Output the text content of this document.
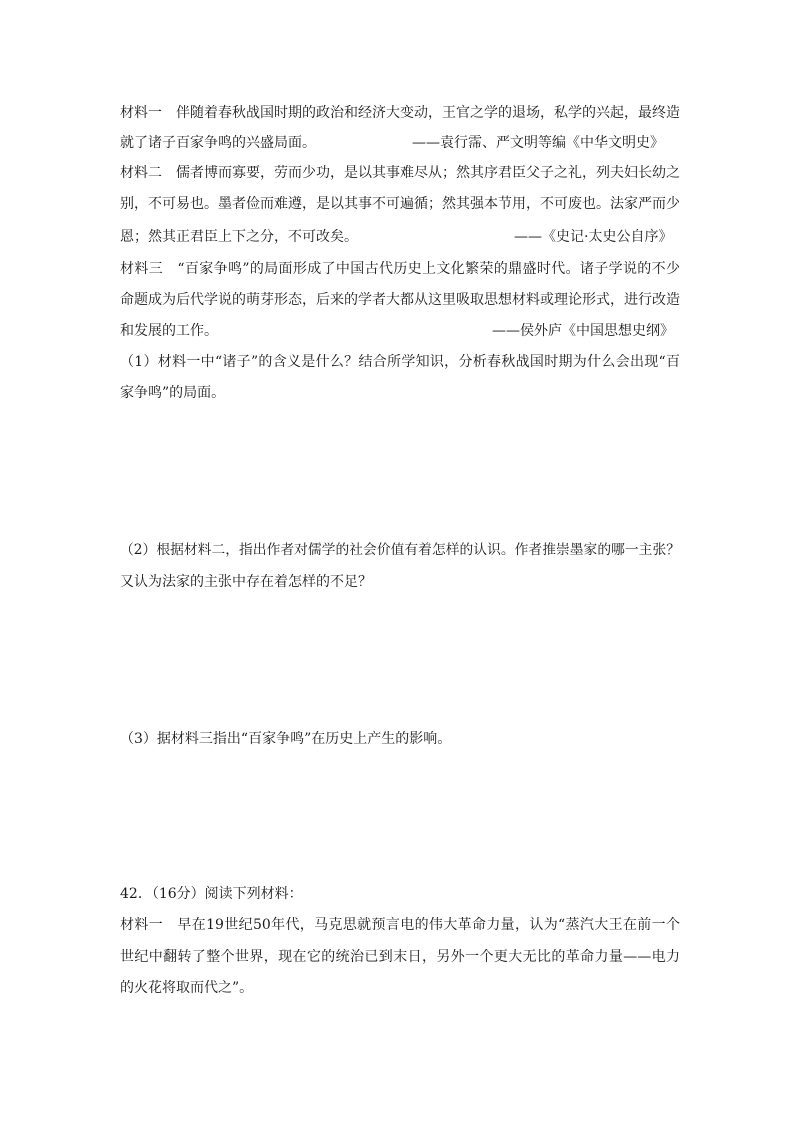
材料一　伴随着春秋战国时期的政治和经济大变动，王官之学的退场，私学的兴起，最终造
就了诸子百家争鸣的兴盛局面。	——袁行霈、严文明等编《中华文明史》
材料二　儒者博而寡要，劳而少功，是以其事难尽从；然其序君臣父子之礼，列夫妇长幼之
别，不可易也。墨者俭而难遵，是以其事不可遍循；然其强本节用，不可废也。法家严而少
恩；然其正君臣上下之分，不可改矣。	——《史记·太史公自序》
材料三　“百家争鸣”的局面形成了中国古代历史上文化繁荣的鼎盛时代。诸子学说的不少
命题成为后代学说的萌芽形态，后来的学者大都从这里吸取思想材料或理论形式，进行改造
和发展的工作。	——侯外庐《中国思想史纲》
（1）材料一中“诸子”的含义是什么？结合所学知识，分析春秋战国时期为什么会出现“百
家争鸣”的局面。
（2）根据材料二，指出作者对儒学的社会价值有着怎样的认识。作者推崇墨家的哪一主张？
又认为法家的主张中存在着怎样的不足？
（3）据材料三指出“百家争鸣”在历史上产生的影响。
42．（16分）阅读下列材料：
材料一　早在19世纪50年代，马克思就预言电的伟大革命力量，认为“蒸汽大王在前一个
世纪中翻转了整个世界，现在它的统治已到末日，另外一个更大无比的革命力量——电力
的火花将取而代之”。
